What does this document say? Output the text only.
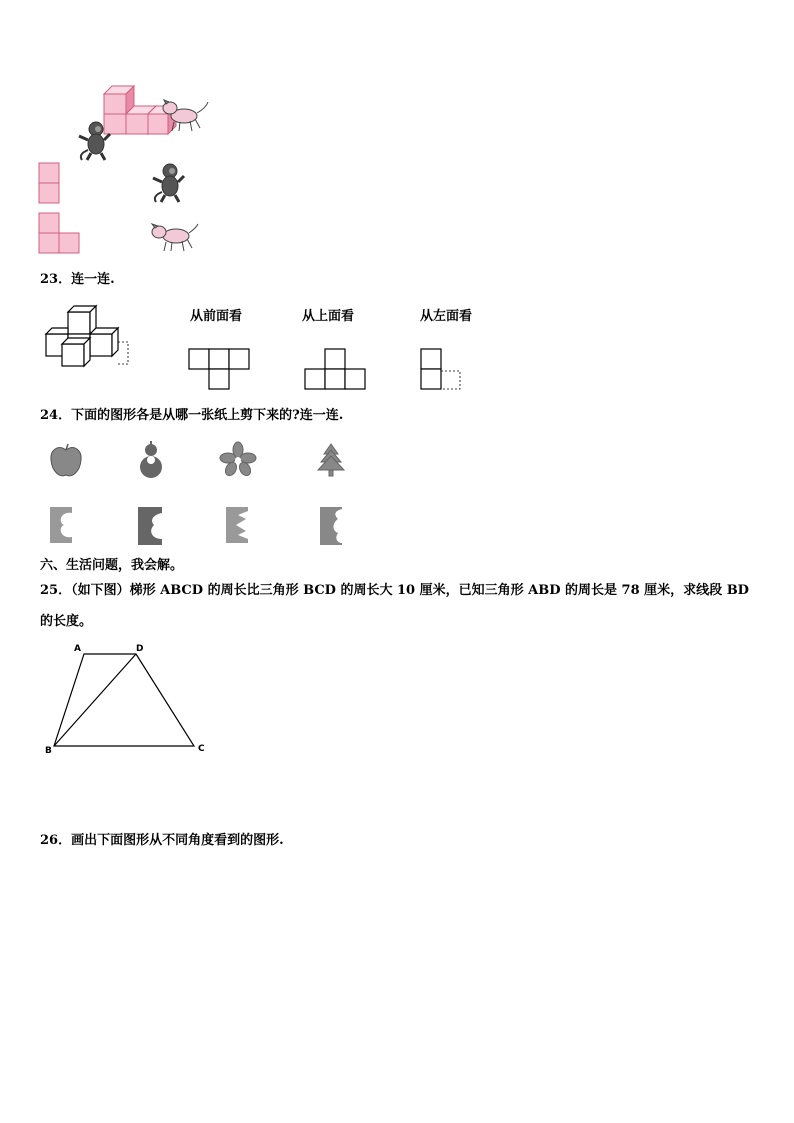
23．连一连.
从前面看	从上面看	从左面看
24．下面的图形各是从哪一张纸上剪下来的?连一连.
六、生活问题，我会解。
25．（如下图）梯形 ABCD 的周长比三角形 BCD 的周长大 10 厘米，已知三角形 ABD 的周长是 78 厘米，求线段 BD
的长度。
A	D
B	C
26．画出下面图形从不同角度看到的图形.
